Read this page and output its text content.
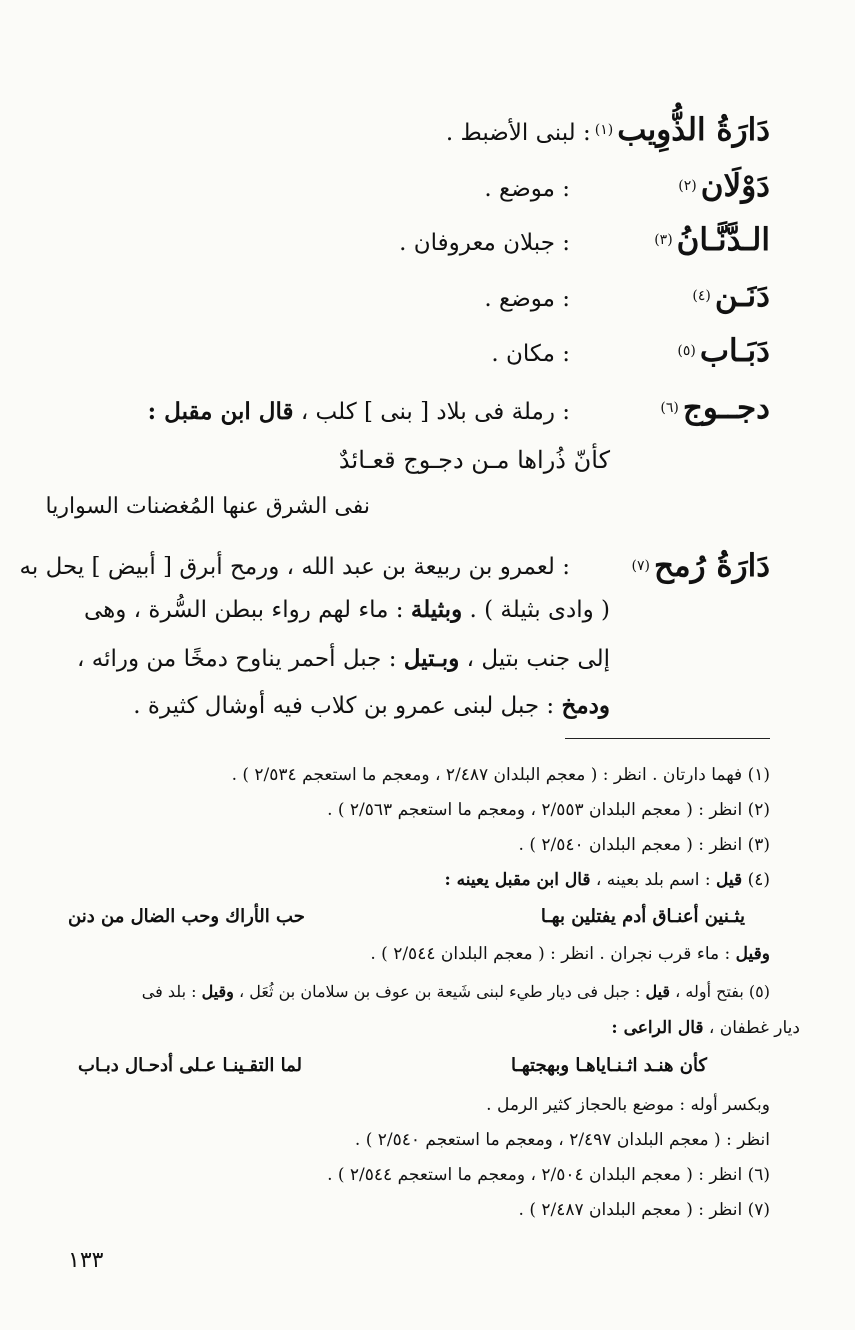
دَارَةُ الذُّوِيب(١): لبنى الأضبط .
دَوْلَان(٢)
: موضع .
الـدَّنَّـانُ(٣)
: جبلان معروفان .
دَنَـن(٤)
: موضع .
دَبَـاب(٥)
: مكان .
دجــوج(٦)
: رملة فى بلاد [ بنى ] كلب ، قال ابن مقبل :
كأنّ ذُراها مـن دجـوج قعـائدٌ
نفى الشرق عنها المُغضنات السواريا
دَارَةُ رُمح(٧)
: لعمرو بن ربيعة بن عبد الله ، ورمح أبرق [ أبيض ] يحل به
( وادى بثيلة ) . وبثيلة : ماء لهم رواء ببطن السُّرة ، وهى
إلى جنب بتيل ، وبـتيل : جبل أحمر يناوح دمخًا من ورائه ،
ودمخ : جبل لبنى عمرو بن كلاب فيه أوشال كثيرة .
(١) فهما دارتان . انظر : ( معجم البلدان ٢/٤٨٧ ، ومعجم ما استعجم ٢/٥٣٤ ) .
(٢) انظر : ( معجم البلدان ٢/٥٥٣ ، ومعجم ما استعجم ٢/٥٦٣ ) .
(٣) انظر : ( معجم البلدان ٢/٥٤٠ ) .
(٤) قيل : اسم بلد بعينه ، قال ابن مقبل يعينه :
يثـنين أعنـاق أدم يفتلين بهـا
حب الأراك وحب الضال من دنن
وقيل : ماء قرب نجران . انظر : ( معجم البلدان ٢/٥٤٤ ) .
(٥) بفتح أوله ، قيل : جبل فى ديار طيء لبنى شَيعة بن عوف بن سلامان بن ثُعَل ، وقيل : بلد فى
ديار غطفان ، قال الراعى :
كأن هنـد اثـنـاياهـا وبهجتهـا
لما التقـينـا عـلى أدحـال دبـاب
وبكسر أوله : موضع بالحجاز كثير الرمل .
انظر : ( معجم البلدان ٢/٤٩٧ ، ومعجم ما استعجم ٢/٥٤٠ ) .
(٦) انظر : ( معجم البلدان ٢/٥٠٤ ، ومعجم ما استعجم ٢/٥٤٤ ) .
(٧) انظر : ( معجم البلدان ٢/٤٨٧ ) .
١٣٣
